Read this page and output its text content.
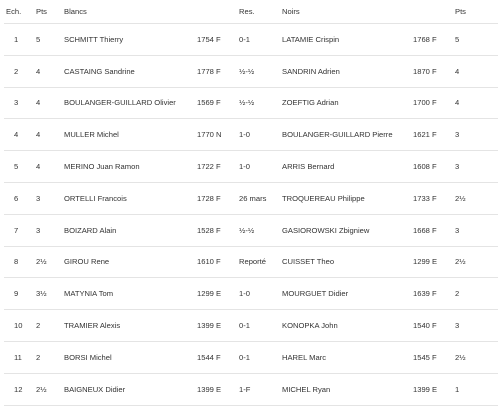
Ech.	Pts	Blancs		Res.	Noirs		Pts
1	5	SCHMITT Thierry	1754 F	0-1	LATAMIE Crispin	1768 F	5
2	4	CASTAING Sandrine	1778 F	½-½	SANDRIN Adrien	1870 F	4
3	4	BOULANGER-GUILLARD Olivier	1569 F	½-½	ZOEFTIG Adrian	1700 F	4
4	4	MULLER Michel	1770 N	1-0	BOULANGER-GUILLARD Pierre	1621 F	3
5	4	MERINO Juan Ramon	1722 F	1-0	ARRIS Bernard	1608 F	3
6	3	ORTELLI Francois	1728 F	26 mars	TROQUEREAU Philippe	1733 F	2½
7	3	BOIZARD Alain	1528 F	½-½	GASIOROWSKI Zbigniew	1668 F	3
8	2½	GIROU Rene	1610 F	Reporté	CUISSET Theo	1299 E	2½
9	3½	MATYNIA Tom	1299 E	1-0	MOURGUET Didier	1639 F	2
10	2	TRAMIER Alexis	1399 E	0-1	KONOPKA John	1540 F	3
11	2	BORSI Michel	1544 F	0-1	HAREL Marc	1545 F	2½
12	2½	BAIGNEUX Didier	1399 E	1-F	MICHEL Ryan	1399 E	1
